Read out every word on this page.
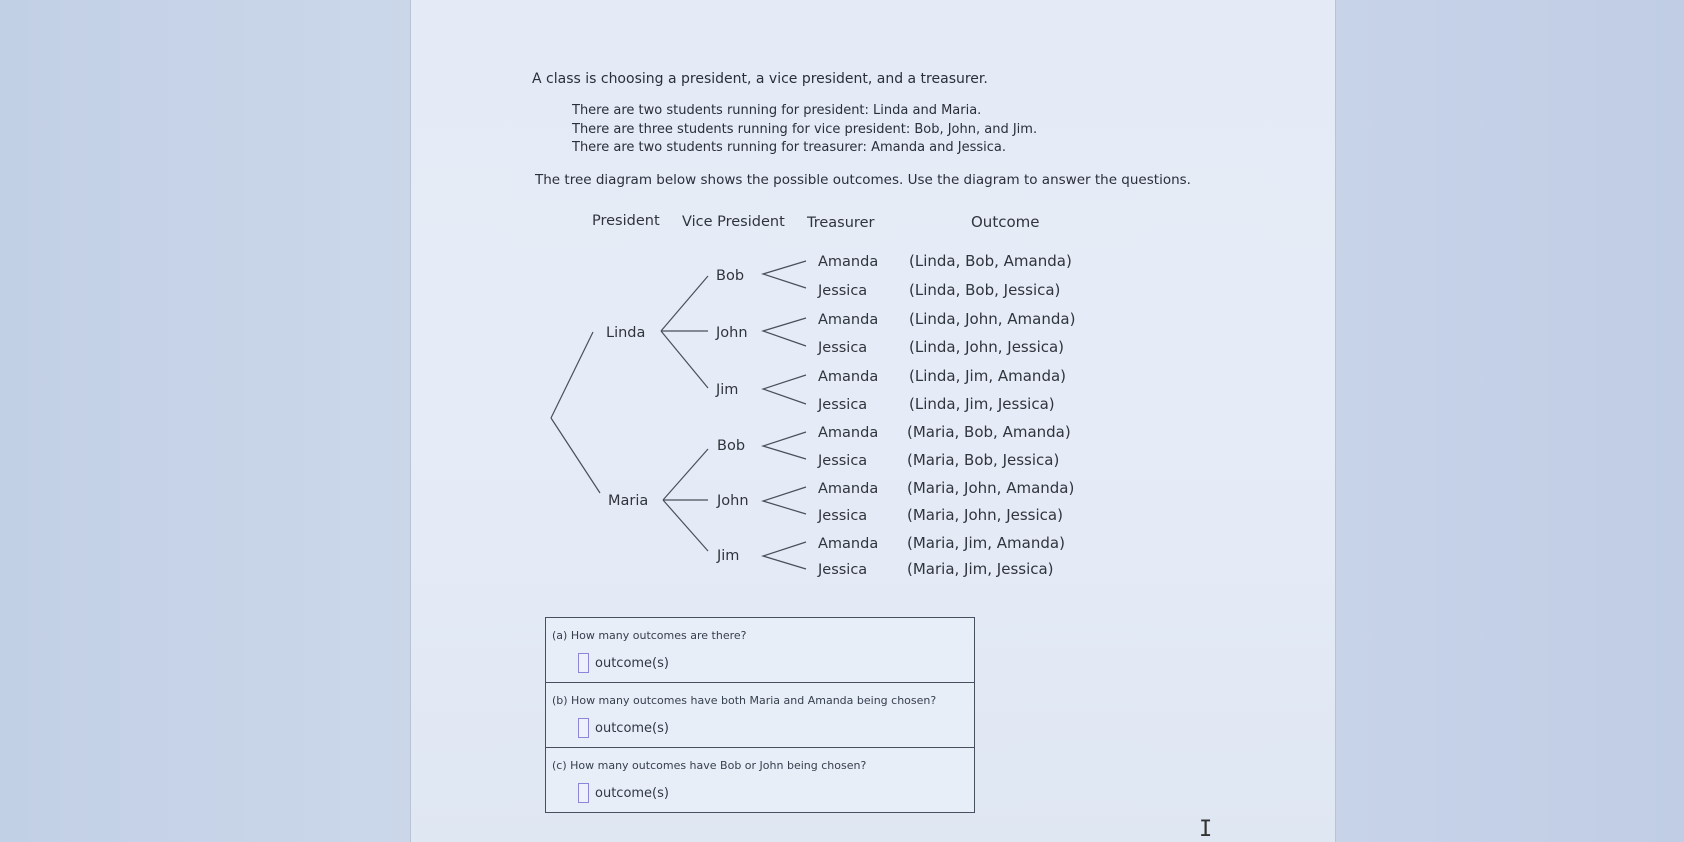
A class is choosing a president, a vice president, and a treasurer.
There are two students running for president: Linda and Maria.
There are three students running for vice president: Bob, John, and Jim.
There are two students running for treasurer: Amanda and Jessica.
The tree diagram below shows the possible outcomes. Use the diagram to answer the questions.
President Vice President Treasurer	Outcome
Linda
Maria
Bob
John
Jim
Bob
John
Jim
Amanda
Jessica
Amanda
Jessica
Amanda
Jessica
Amanda
Jessica
Amanda
Jessica
Amanda
Jessica
(Linda, Bob, Amanda)
(Linda, Bob, Jessica)
(Linda, John, Amanda)
(Linda, John, Jessica)
(Linda, Jim, Amanda)
(Linda, Jim, Jessica)
(Maria, Bob, Amanda)
(Maria, Bob, Jessica)
(Maria, John, Amanda)
(Maria, John, Jessica)
(Maria, Jim, Amanda)
(Maria, Jim, Jessica)
(a) How many outcomes are there?
outcome(s)
(b) How many outcomes have both Maria and Amanda being chosen?
outcome(s)
(c) How many outcomes have Bob or John being chosen?
outcome(s)
I
